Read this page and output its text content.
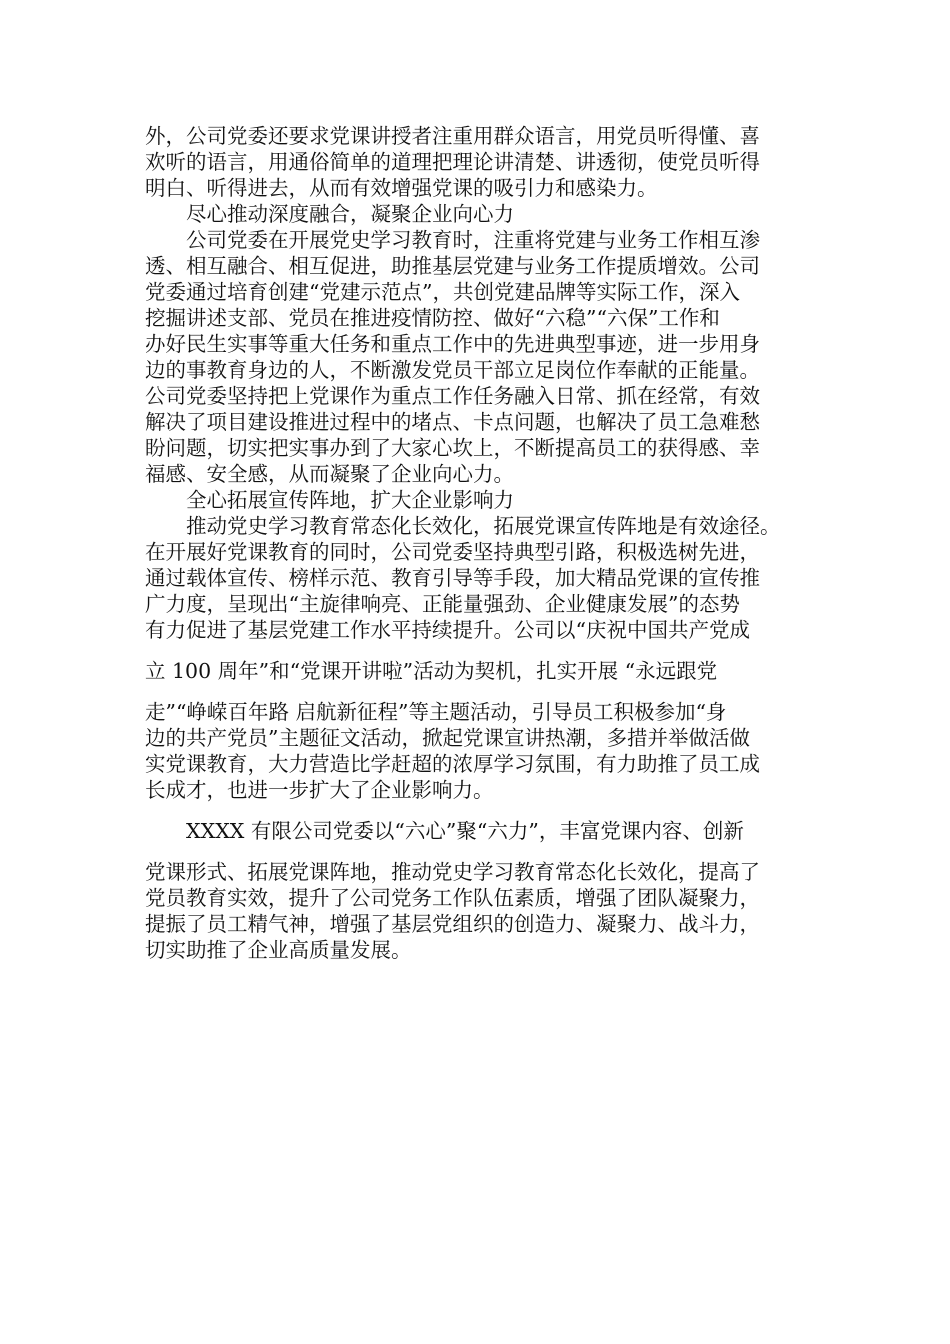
外，公司党委还要求党课讲授者注重用群众语言，用党员听得懂、喜
欢听的语言，用通俗简单的道理把理论讲清楚、讲透彻，使党员听得
明白、听得进去，从而有效增强党课的吸引力和感染力。
尽心推动深度融合，凝聚企业向心力
公司党委在开展党史学习教育时，注重将党建与业务工作相互渗
透、相互融合、相互促进，助推基层党建与业务工作提质增效。公司
党委通过培育创建“党建示范点”，共创党建品牌等实际工作，深入
挖掘讲述支部、党员在推进疫情防控、做好“六稳”“六保”工作和
办好民生实事等重大任务和重点工作中的先进典型事迹，进一步用身
边的事教育身边的人，不断激发党员干部立足岗位作奉献的正能量。
公司党委坚持把上党课作为重点工作任务融入日常、抓在经常，有效
解决了项目建设推进过程中的堵点、卡点问题，也解决了员工急难愁
盼问题，切实把实事办到了大家心坎上，不断提高员工的获得感、幸
福感、安全感，从而凝聚了企业向心力。
全心拓展宣传阵地，扩大企业影响力
推动党史学习教育常态化长效化，拓展党课宣传阵地是有效途径。
在开展好党课教育的同时，公司党委坚持典型引路，积极选树先进，
通过载体宣传、榜样示范、教育引导等手段，加大精品党课的宣传推
广力度，呈现出“主旋律响亮、正能量强劲、企业健康发展”的态势
有力促进了基层党建工作水平持续提升。公司以“庆祝中国共产党成
立 100 周年”和“党课开讲啦”活动为契机，扎实开展 “永远跟党
走”“峥嵘百年路 启航新征程”等主题活动，引导员工积极参加“身
边的共产党员”主题征文活动，掀起党课宣讲热潮，多措并举做活做
实党课教育，大力营造比学赶超的浓厚学习氛围，有力助推了员工成
长成才，也进一步扩大了企业影响力。
XXXX 有限公司党委以“六心”聚“六力”，丰富党课内容、创新
党课形式、拓展党课阵地，推动党史学习教育常态化长效化，提高了
党员教育实效，提升了公司党务工作队伍素质，增强了团队凝聚力，
提振了员工精气神，增强了基层党组织的创造力、凝聚力、战斗力，
切实助推了企业高质量发展。
